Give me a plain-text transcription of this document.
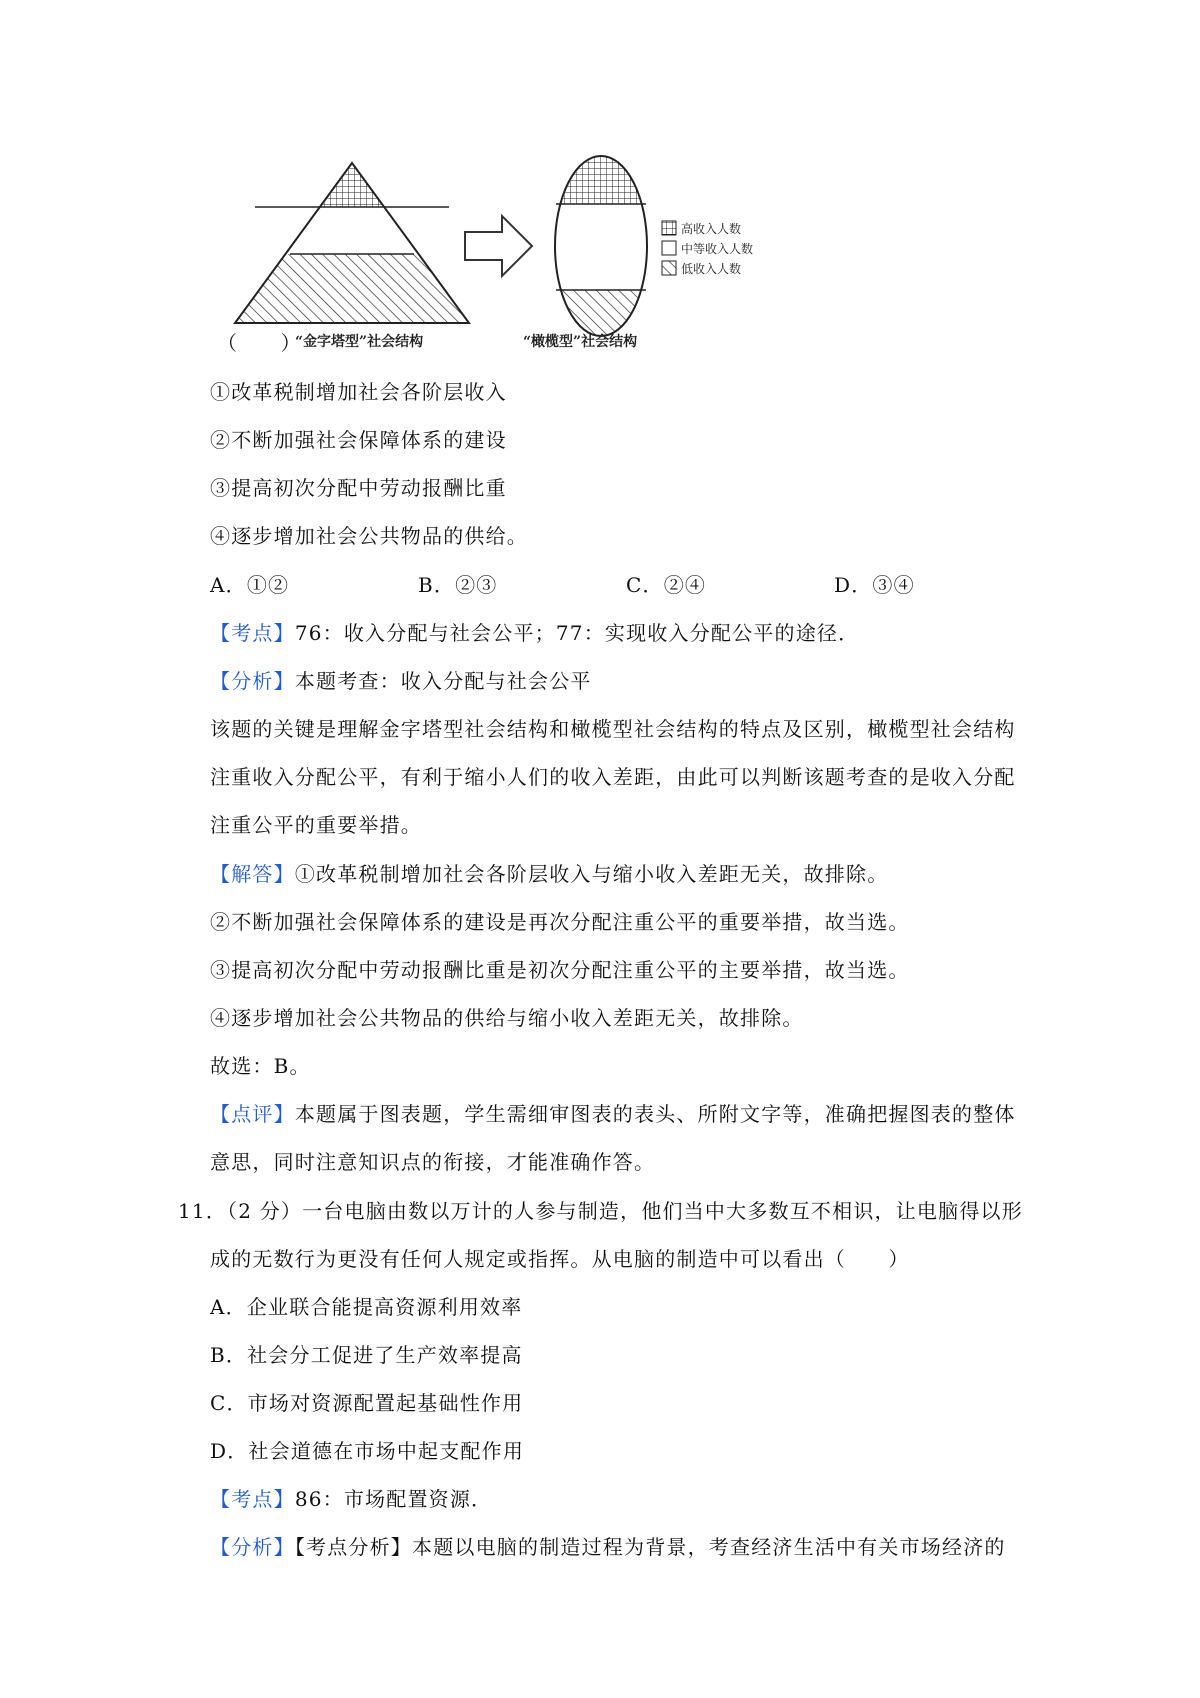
高收入人数
中等收入人数
低收入人数
“金字塔型”社会结构	“橄榄型”社会结构
（　　）
①改革税制增加社会各阶层收入
②不断加强社会保障体系的建设
③提高初次分配中劳动报酬比重
④逐步增加社会公共物品的供给。
A．①②	B．②③	C．②④	D．③④
【考点】76：收入分配与社会公平；77：实现收入分配公平的途径．
【分析】本题考查：收入分配与社会公平
该题的关键是理解金字塔型社会结构和橄榄型社会结构的特点及区别，橄榄型社会结构
注重收入分配公平，有利于缩小人们的收入差距，由此可以判断该题考查的是收入分配
注重公平的重要举措。
【解答】①改革税制增加社会各阶层收入与缩小收入差距无关，故排除。
②不断加强社会保障体系的建设是再次分配注重公平的重要举措，故当选。
③提高初次分配中劳动报酬比重是初次分配注重公平的主要举措，故当选。
④逐步增加社会公共物品的供给与缩小收入差距无关，故排除。
故选：B。
【点评】本题属于图表题，学生需细审图表的表头、所附文字等，准确把握图表的整体
意思，同时注意知识点的衔接，才能准确作答。
11．（2 分）一台电脑由数以万计的人参与制造，他们当中大多数互不相识，让电脑得以形
成的无数行为更没有任何人规定或指挥。从电脑的制造中可以看出（　　）
A．企业联合能提高资源利用效率
B．社会分工促进了生产效率提高
C．市场对资源配置起基础性作用
D．社会道德在市场中起支配作用
【考点】86：市场配置资源．
【分析】【考点分析】本题以电脑的制造过程为背景，考查经济生活中有关市场经济的
